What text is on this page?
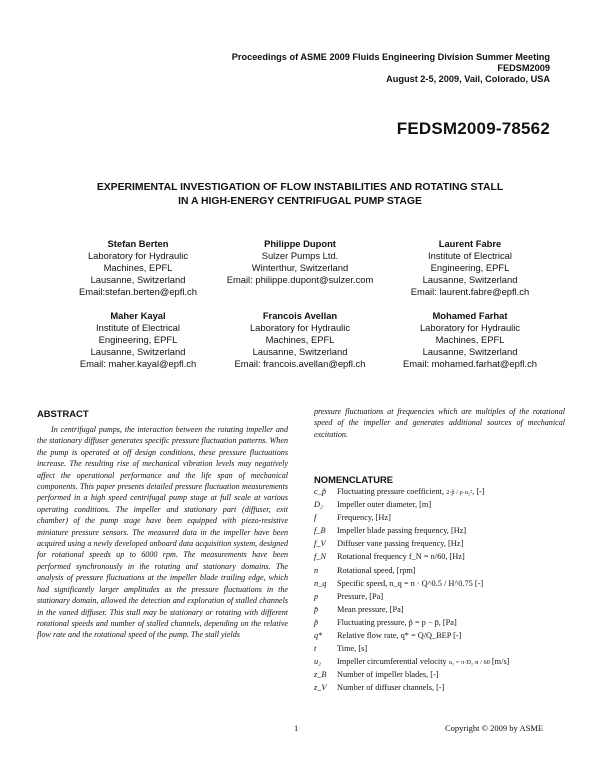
Proceedings of ASME 2009 Fluids Engineering Division Summer Meeting
FEDSM2009
August 2-5, 2009, Vail, Colorado, USA
FEDSM2009-78562
EXPERIMENTAL INVESTIGATION OF FLOW INSTABILITIES AND ROTATING STALL
IN A HIGH-ENERGY CENTRIFUGAL PUMP STAGE
Stefan Berten
Laboratory for Hydraulic
Machines, EPFL
Lausanne, Switzerland
Email:stefan.berten@epfl.ch
Philippe Dupont
Sulzer Pumps Ltd.
Winterthur, Switzerland
Email: philippe.dupont@sulzer.com
Laurent Fabre
Institute of Electrical
Engineering, EPFL
Lausanne, Switzerland
Email: laurent.fabre@epfl.ch
Maher Kayal
Institute of Electrical
Engineering, EPFL
Lausanne, Switzerland
Email: maher.kayal@epfl.ch
Francois Avellan
Laboratory for Hydraulic
Machines, EPFL
Lausanne, Switzerland
Email: francois.avellan@epfl.ch
Mohamed Farhat
Laboratory for Hydraulic
Machines, EPFL
Lausanne, Switzerland
Email: mohamed.farhat@epfl.ch
ABSTRACT

In centrifugal pumps, the interaction between the rotating impeller and the stationary diffuser generates specific pressure fluctuation patterns. When the pump is operated at off design conditions, these pressure fluctuations increase. The resulting rise of mechanical vibration levels may negatively affect the operational performance and the life span of mechanical components. This paper presents detailed pressure fluctuation measurements performed in a high speed centrifugal pump stage at full scale at various operating conditions. The impeller and stationary part (diffuser, exit chamber) of the pump stage have been equipped with piezo-resistive miniature pressure sensors. The measured data in the impeller have been acquired using a newly developed onboard data acquisition system, designed for rotational speeds up to 6000 rpm. The measurements have been performed synchronously in the rotating and stationary domains. The analysis of pressure fluctuations at the impeller blade trailing edge, which had significantly larger amplitudes as the pressure fluctuations in the stationary domain, allowed the detection and exploration of stalled channels in the vaned diffuser. This stall may be stationary or rotating with different rotational speeds and number of stalled channels, depending on the relative flow rate and the rotational speed of the pump. The stall yields

pressure fluctuations at frequencies which are multiples of the rotational speed of the impeller and generates additional sources of mechanical excitation.

NOMENCLATURE
c_p̃	Fluctuating pressure coefficient, 2·p̃ / ρ·u₂², [-]
D₂	Impeller outer diameter, [m]
f	Frequency, [Hz]
f_B	Impeller blade passing frequency, [Hz]
f_V	Diffuser vane passing frequency, [Hz]
f_N	Rotational frequency f_N = n/60, [Hz]
n	Rotational speed, [rpm]
n_q	Specific speed, n_q = n · Q^0.5 / H^0.75 [-]
p	Pressure, [Pa]
p̄	Mean pressure, [Pa]
p̃	Fluctuating pressure, p̃ = p − p̄, [Pa]
q*	Relative flow rate, q* = Q/Q_BEP [-]
t	Time, [s]
u₂	Impeller circumferential velocity u₂ = π·D₂·n / 60 [m/s]
z_B	Number of impeller blades, [-]
z_V	Number of diffuser channels, [-]
1	Copyright © 2009 by ASME
